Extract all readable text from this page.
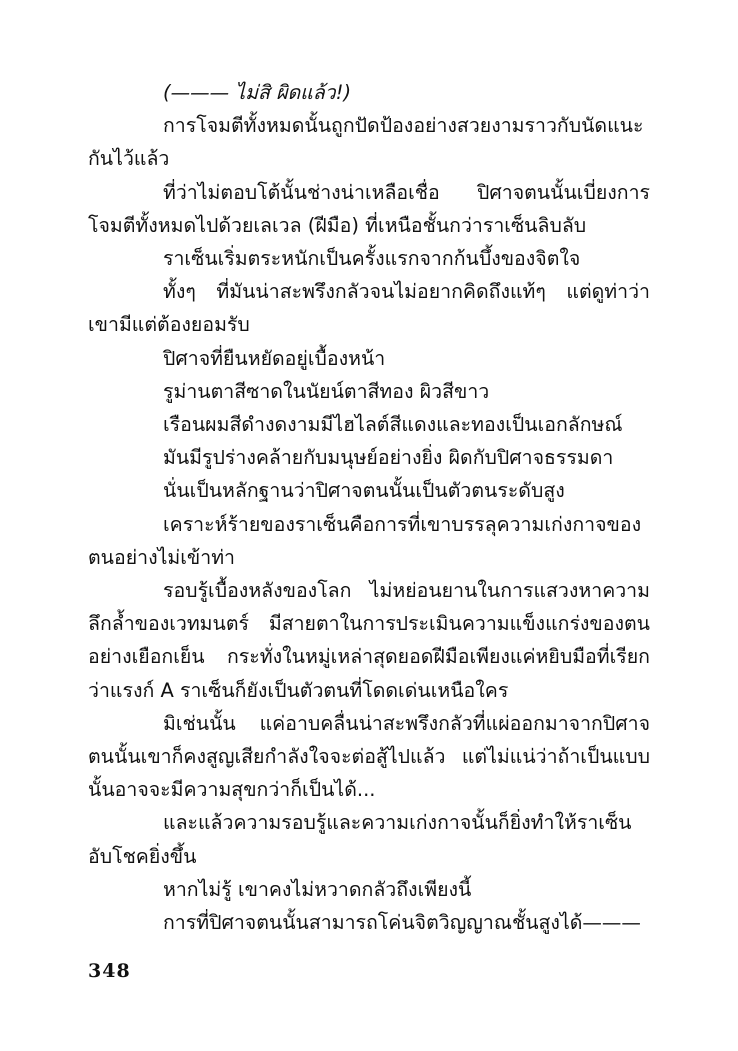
(——— ไม่สิ ผิดแล้ว!)

การโจมตีทั้งหมดนั้นถูกปัดป้องอย่างสวยงามราวกับนัดแนะกันไว้แล้ว

ที่ว่าไม่ตอบโต้นั้นช่างน่าเหลือเชื่อ ปิศาจตนนั้นเบี่ยงการโจมตีทั้งหมดไปด้วยเลเวล (ฝีมือ) ที่เหนือชั้นกว่าราเซ็นลิบลับ

ราเซ็นเริ่มตระหนักเป็นครั้งแรกจากก้นบึ้งของจิตใจ

ทั้งๆ ที่มันน่าสะพรึงกลัวจนไม่อยากคิดถึงแท้ๆ แต่ดูท่าว่าเขามีแต่ต้องยอมรับ

ปิศาจที่ยืนหยัดอยู่เบื้องหน้า

รูม่านตาสีซาดในนัยน์ตาสีทอง ผิวสีขาว

เรือนผมสีดำงดงามมีไฮไลต์สีแดงและทองเป็นเอกลักษณ์

มันมีรูปร่างคล้ายกับมนุษย์อย่างยิ่ง ผิดกับปิศาจธรรมดา

นั่นเป็นหลักฐานว่าปิศาจตนนั้นเป็นตัวตนระดับสูง

เคราะห์ร้ายของราเซ็นคือการที่เขาบรรลุความเก่งกาจของตนอย่างไม่เข้าท่า

รอบรู้เบื้องหลังของโลก ไม่หย่อนยานในการแสวงหาความลึกล้ำของเวทมนตร์ มีสายตาในการประเมินความแข็งแกร่งของตนอย่างเยือกเย็น กระทั่งในหมู่เหล่าสุดยอดฝีมือเพียงแค่หยิบมือที่เรียกว่าแรงก์ A ราเซ็นก็ยังเป็นตัวตนที่โดดเด่นเหนือใคร

มิเช่นนั้น แค่อาบคลื่นน่าสะพรึงกลัวที่แผ่ออกมาจากปิศาจตนนั้นเขาก็คงสูญเสียกำลังใจจะต่อสู้ไปแล้ว แต่ไม่แน่ว่าถ้าเป็นแบบนั้นอาจจะมีความสุขกว่าก็เป็นได้...

และแล้วความรอบรู้และความเก่งกาจนั้นก็ยิ่งทำให้ราเซ็นอับโชคยิ่งขึ้น

หากไม่รู้ เขาคงไม่หวาดกลัวถึงเพียงนี้

การที่ปิศาจตนนั้นสามารถโค่นจิตวิญญาณชั้นสูงได้———

348
